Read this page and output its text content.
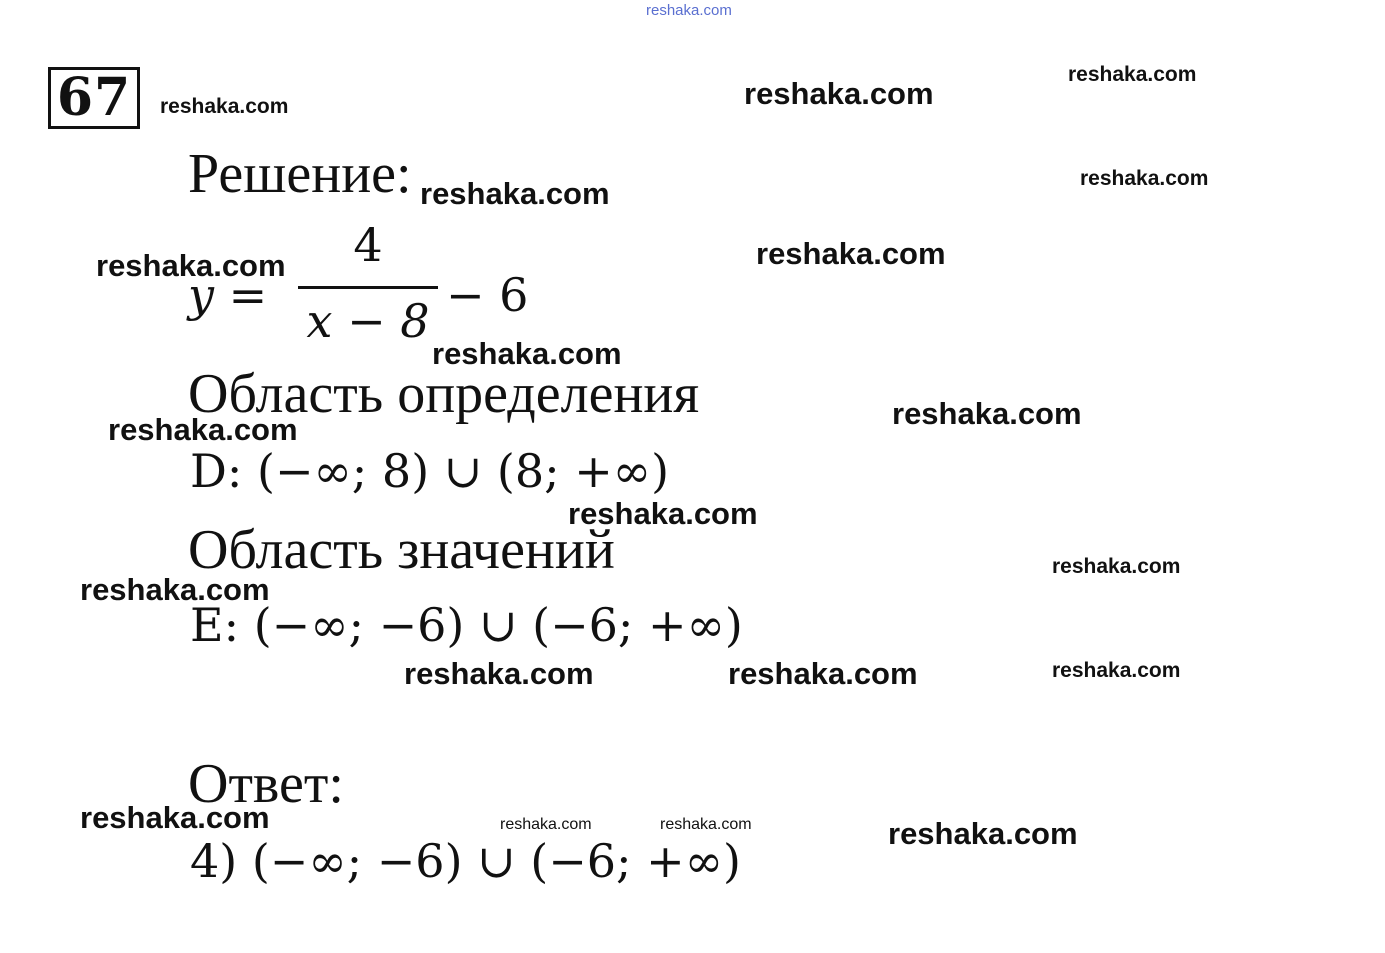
reshaka.com
67
Решение:
y =
4
x − 8 − 6
Область определения
D: (−∞; 8) ∪ (8; +∞)
Область значений
E: (−∞; −6) ∪ (−6; +∞)
Ответ:
4) (−∞; −6) ∪ (−6; +∞)
reshaka.com	reshaka.com
reshaka.com
reshaka.com	reshaka.com
reshaka.com	reshaka.com
reshaka.com
reshaka.com
reshaka.com
reshaka.com
reshaka.com
reshaka.com
reshaka.com	reshaka.com	reshaka.com
reshaka.com	reshaka.com	reshaka.com	reshaka.com
